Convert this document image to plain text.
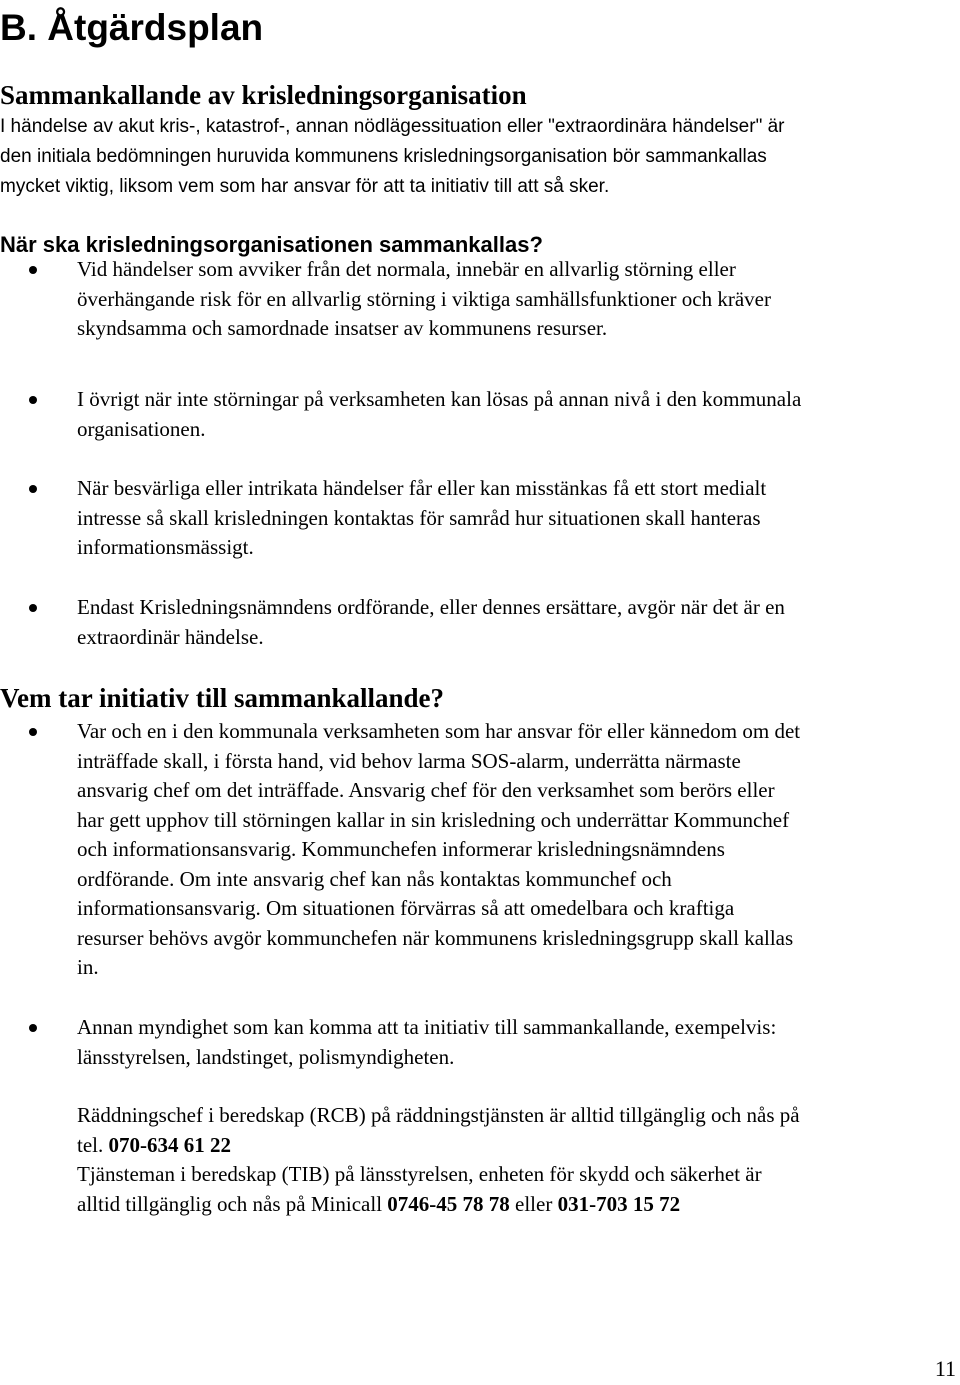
B. Åtgärdsplan
Sammankallande av krisledningsorganisation
I händelse av akut kris-, katastrof-, annan nödlägessituation eller "extraordinära händelser" är
den initiala bedömningen huruvida kommunens krisledningsorganisation bör sammankallas
mycket viktig, liksom vem som har ansvar för att ta initiativ till att så sker.
När ska krisledningsorganisationen sammankallas?
Vid händelser som avviker från det normala, innebär en allvarlig störning eller
överhängande risk för en allvarlig störning i viktiga samhällsfunktioner och kräver
skyndsamma och samordnade insatser av kommunens resurser.
I övrigt när inte störningar på verksamheten kan lösas på annan nivå i den kommunala
organisationen.
När besvärliga eller intrikata händelser får eller kan misstänkas få ett stort medialt
intresse så skall krisledningen kontaktas för samråd hur situationen skall hanteras
informationsmässigt.
Endast Krisledningsnämndens ordförande, eller dennes ersättare, avgör när det är en
extraordinär händelse.
Vem tar initiativ till sammankallande?
Var och en i den kommunala verksamheten som har ansvar för eller kännedom om det
inträffade skall, i första hand, vid behov larma SOS-alarm, underrätta närmaste
ansvarig chef om det inträffade. Ansvarig chef för den verksamhet som berörs eller
har gett upphov till störningen kallar in sin krisledning och underrättar Kommunchef
och informationsansvarig. Kommunchefen informerar krisledningsnämndens
ordförande. Om inte ansvarig chef kan nås kontaktas kommunchef och
informationsansvarig. Om situationen förvärras så att omedelbara och kraftiga
resurser behövs avgör kommunchefen när kommunens krisledningsgrupp skall kallas
in.
Annan myndighet som kan komma att ta initiativ till sammankallande, exempelvis:
länsstyrelsen, landstinget, polismyndigheten.
Räddningschef i beredskap (RCB) på räddningstjänsten är alltid tillgänglig och nås på
tel. 070-634 61 22
Tjänsteman i beredskap (TIB) på länsstyrelsen, enheten för skydd och säkerhet är
alltid tillgänglig och nås på Minicall 0746-45 78 78 eller 031-703 15 72
11
